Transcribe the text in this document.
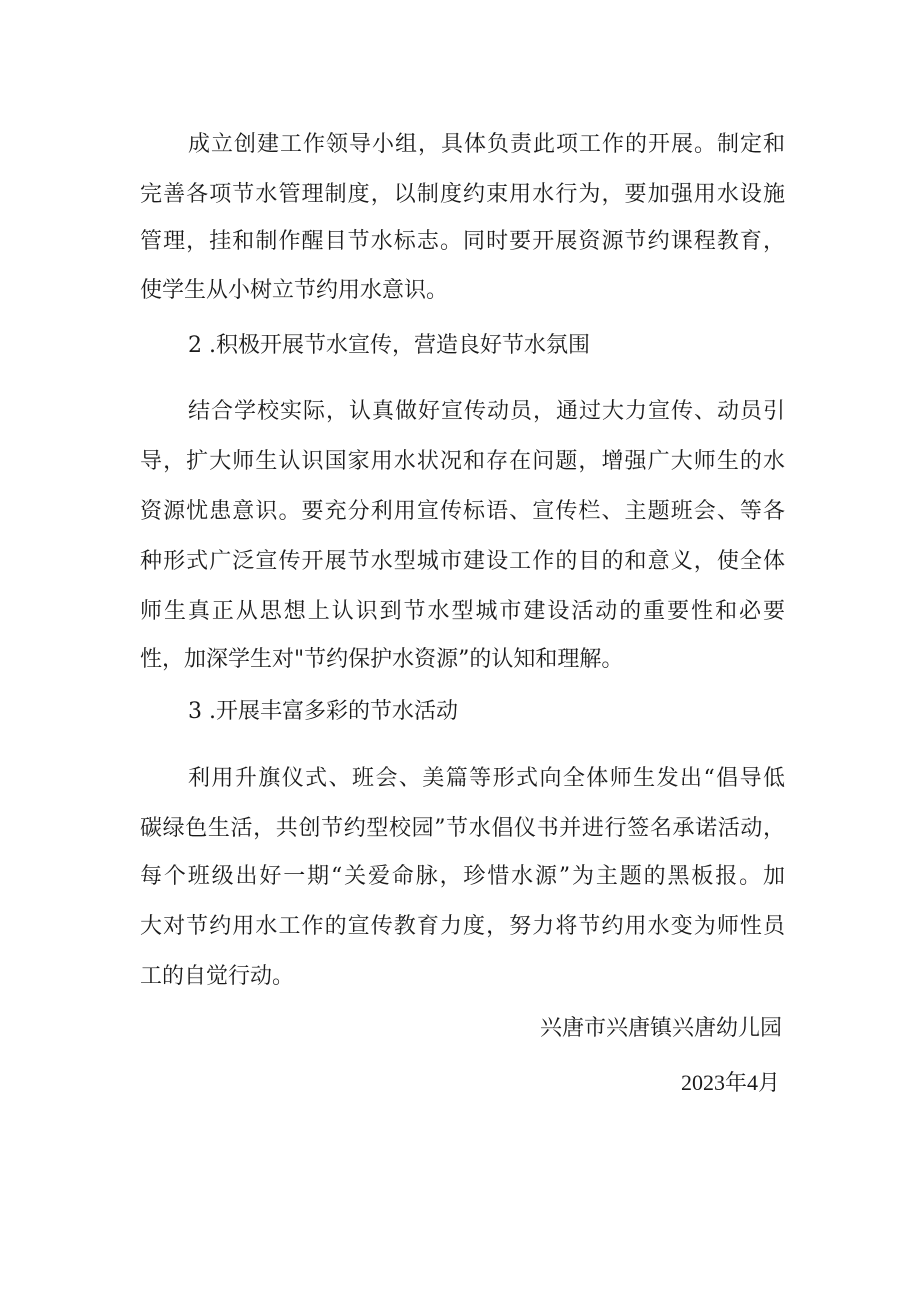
成立创建工作领导小组，具体负责此项工作的开展。制定和
完善各项节水管理制度，以制度约束用水行为，要加强用水设施
管理，挂和制作醒目节水标志。同时要开展资源节约课程教育，
使学生从小树立节约用水意识。
2 .积极开展节水宣传，营造良好节水氛围
结合学校实际，认真做好宣传动员，通过大力宣传、动员引
导，扩大师生认识国家用水状况和存在问题，增强广大师生的水
资源忧患意识。要充分利用宣传标语、宣传栏、主题班会、等各
种形式广泛宣传开展节水型城市建设工作的目的和意义，使全体
师生真正从思想上认识到节水型城市建设活动的重要性和必要
性，加深学生对"节约保护水资源”的认知和理解。
3 .开展丰富多彩的节水活动
利用升旗仪式、班会、美篇等形式向全体师生发出“倡导低
碳绿色生活，共创节约型校园”节水倡仪书并进行签名承诺活动，
每个班级出好一期“关爱命脉，珍惜水源”为主题的黑板报。加
大对节约用水工作的宣传教育力度，努力将节约用水变为师性员
工的自觉行动。
兴唐市兴唐镇兴唐幼儿园
2023年4月
